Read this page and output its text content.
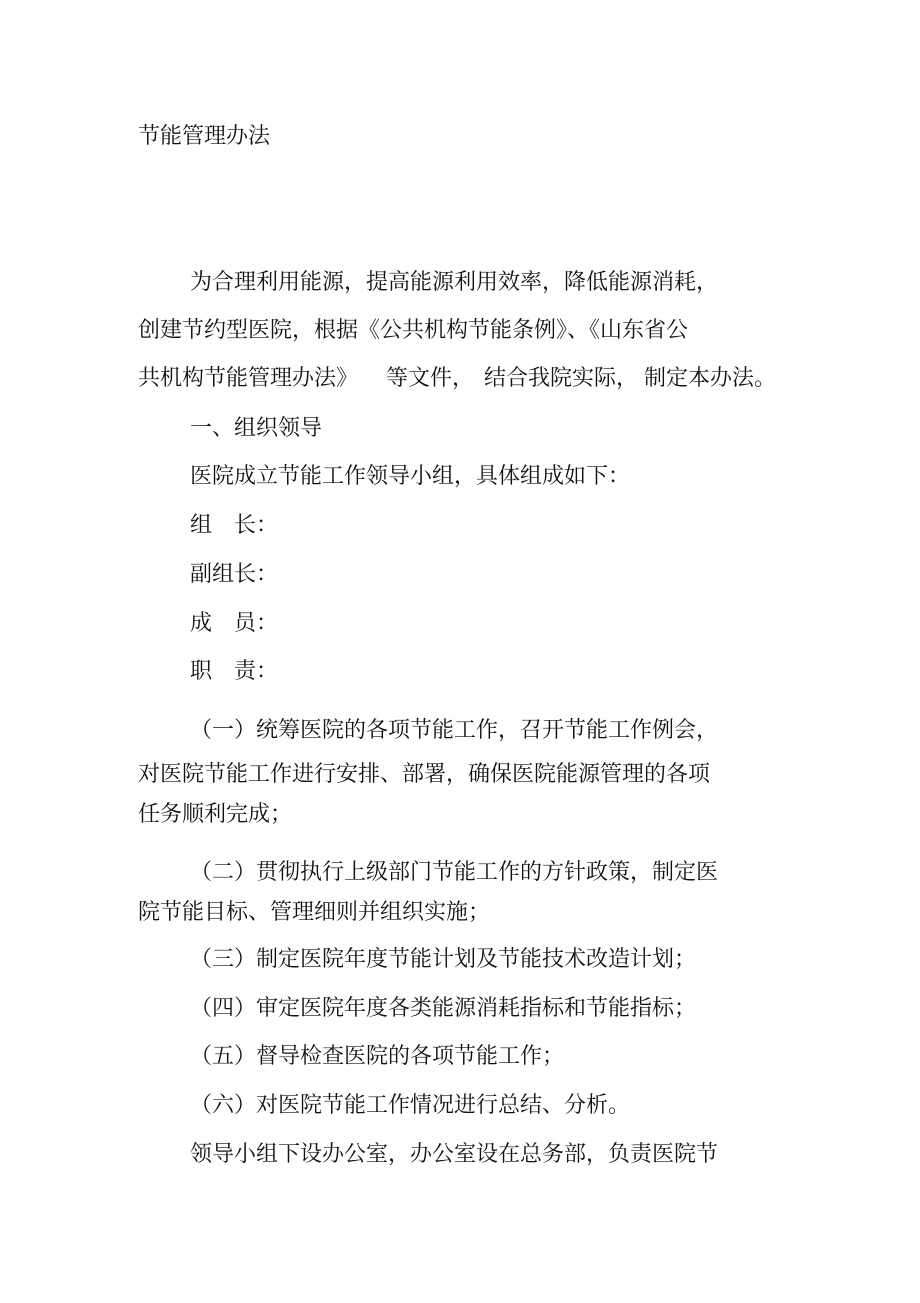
节能管理办法
为合理利用能源，提高能源利用效率，降低能源消耗，
创建节约型医院，根据《公共机构节能条例》、《山东省公
共机构节能管理办法》 等文件， 结合我院实际， 制定本办法。
一、组织领导
医院成立节能工作领导小组，具体组成如下：
组　长：
副组长：
成　员：
职　责：
（一）统筹医院的各项节能工作，召开节能工作例会，
对医院节能工作进行安排、部署，确保医院能源管理的各项
任务顺利完成；
（二）贯彻执行上级部门节能工作的方针政策，制定医
院节能目标、管理细则并组织实施；
（三）制定医院年度节能计划及节能技术改造计划；
（四）审定医院年度各类能源消耗指标和节能指标；
（五）督导检查医院的各项节能工作；
（六）对医院节能工作情况进行总结、分析。
领导小组下设办公室，办公室设在总务部，负责医院节
